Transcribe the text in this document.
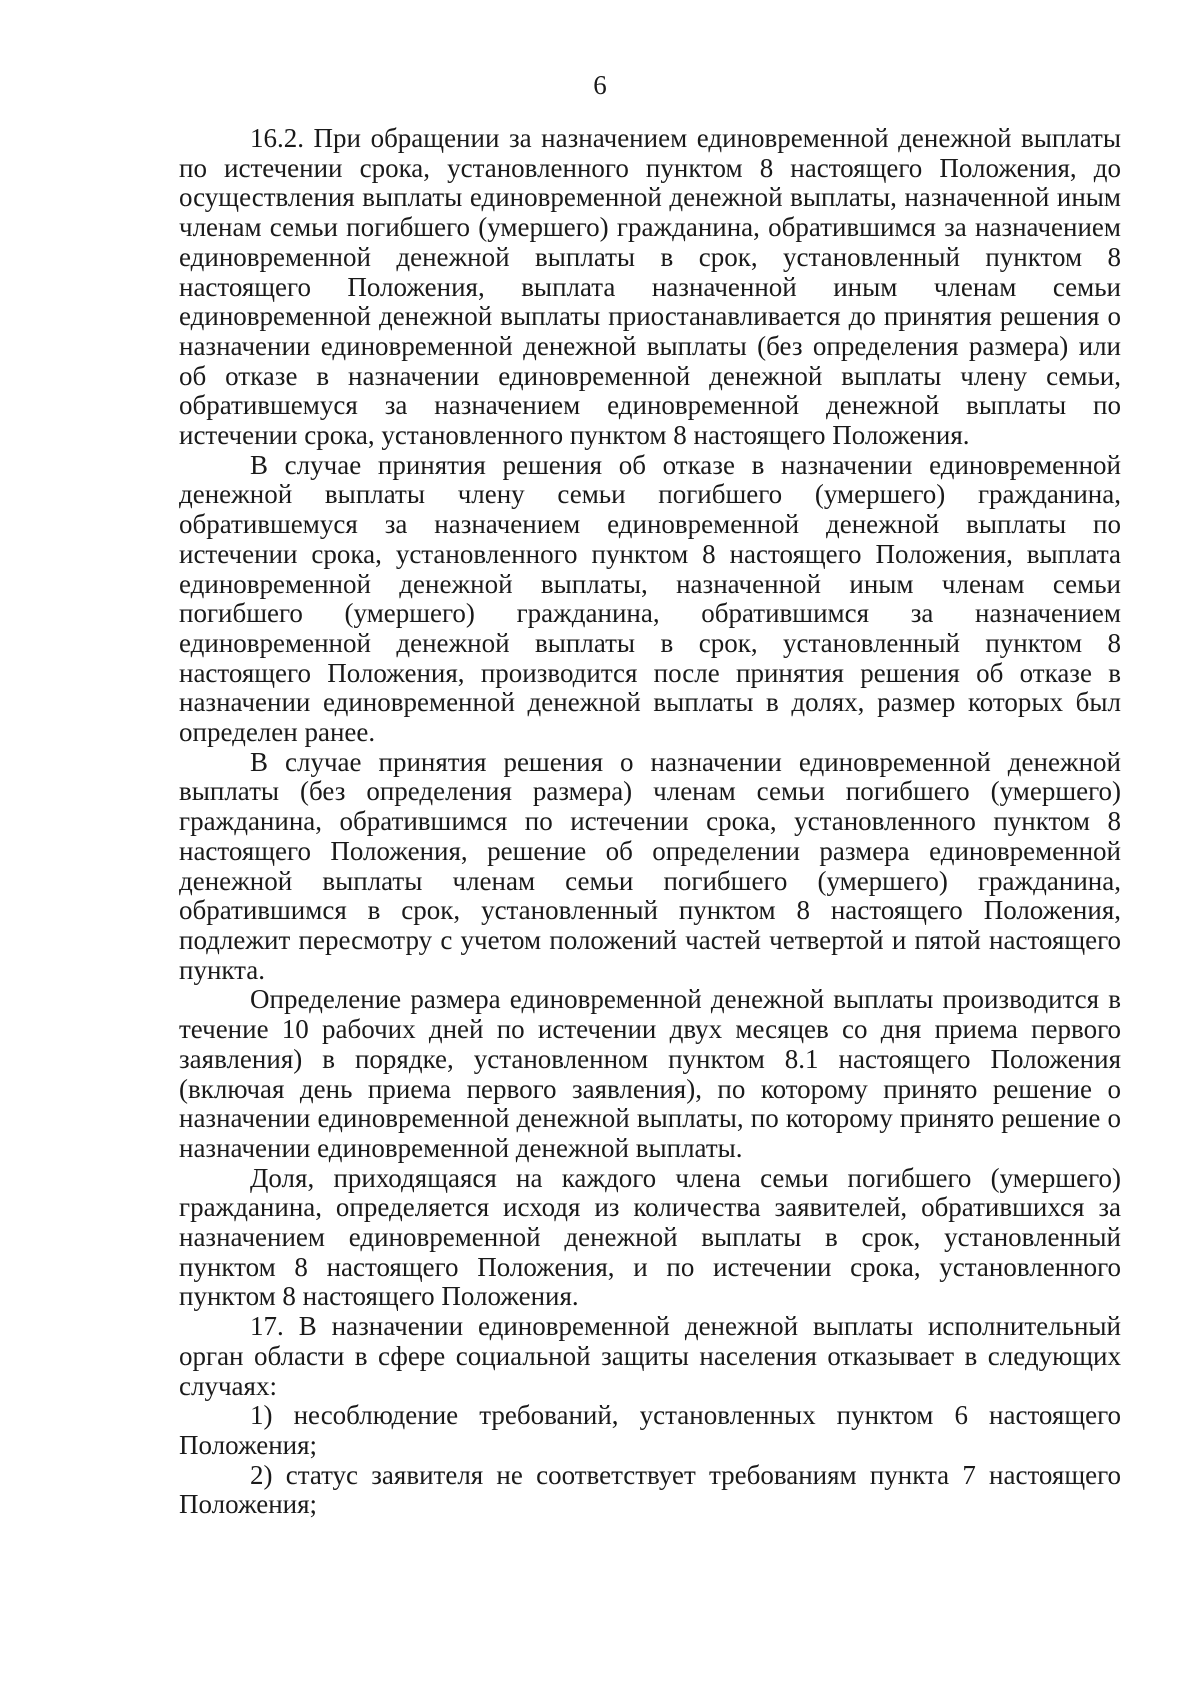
6

16.2. При обращении за назначением единовременной денежной выплаты по истечении срока, установленного пунктом 8 настоящего Положения, до осуществления выплаты единовременной денежной выплаты, назначенной иным членам семьи погибшего (умершего) гражданина, обратившимся за назначением единовременной денежной выплаты в срок, установленный пунктом 8 настоящего Положения, выплата назначенной иным членам семьи единовременной денежной выплаты приостанавливается до принятия решения о назначении единовременной денежной выплаты (без определения размера) или об отказе в назначении единовременной денежной выплаты члену семьи, обратившемуся за назначением единовременной денежной выплаты по истечении срока, установленного пунктом 8 настоящего Положения.

В случае принятия решения об отказе в назначении единовременной денежной выплаты члену семьи погибшего (умершего) гражданина, обратившемуся за назначением единовременной денежной выплаты по истечении срока, установленного пунктом 8 настоящего Положения, выплата единовременной денежной выплаты, назначенной иным членам семьи погибшего (умершего) гражданина, обратившимся за назначением единовременной денежной выплаты в срок, установленный пунктом 8 настоящего Положения, производится после принятия решения об отказе в назначении единовременной денежной выплаты в долях, размер которых был определен ранее.

В случае принятия решения о назначении единовременной денежной выплаты (без определения размера) членам семьи погибшего (умершего) гражданина, обратившимся по истечении срока, установленного пунктом 8 настоящего Положения, решение об определении размера единовременной денежной выплаты членам семьи погибшего (умершего) гражданина, обратившимся в срок, установленный пунктом 8 настоящего Положения, подлежит пересмотру с учетом положений частей четвертой и пятой настоящего пункта.

Определение размера единовременной денежной выплаты производится в течение 10 рабочих дней по истечении двух месяцев со дня приема первого заявления) в порядке, установленном пунктом 8.1 настоящего Положения (включая день приема первого заявления), по которому принято решение о назначении единовременной денежной выплаты, по которому принято решение о назначении единовременной денежной выплаты.

Доля, приходящаяся на каждого члена семьи погибшего (умершего) гражданина, определяется исходя из количества заявителей, обратившихся за назначением единовременной денежной выплаты в срок, установленный пунктом 8 настоящего Положения, и по истечении срока, установленного пунктом 8 настоящего Положения.

17. В назначении единовременной денежной выплаты исполнительный орган области в сфере социальной защиты населения отказывает в следующих случаях:

1) несоблюдение требований, установленных пунктом 6 настоящего Положения;

2) статус заявителя не соответствует требованиям пункта 7 настоящего Положения;
